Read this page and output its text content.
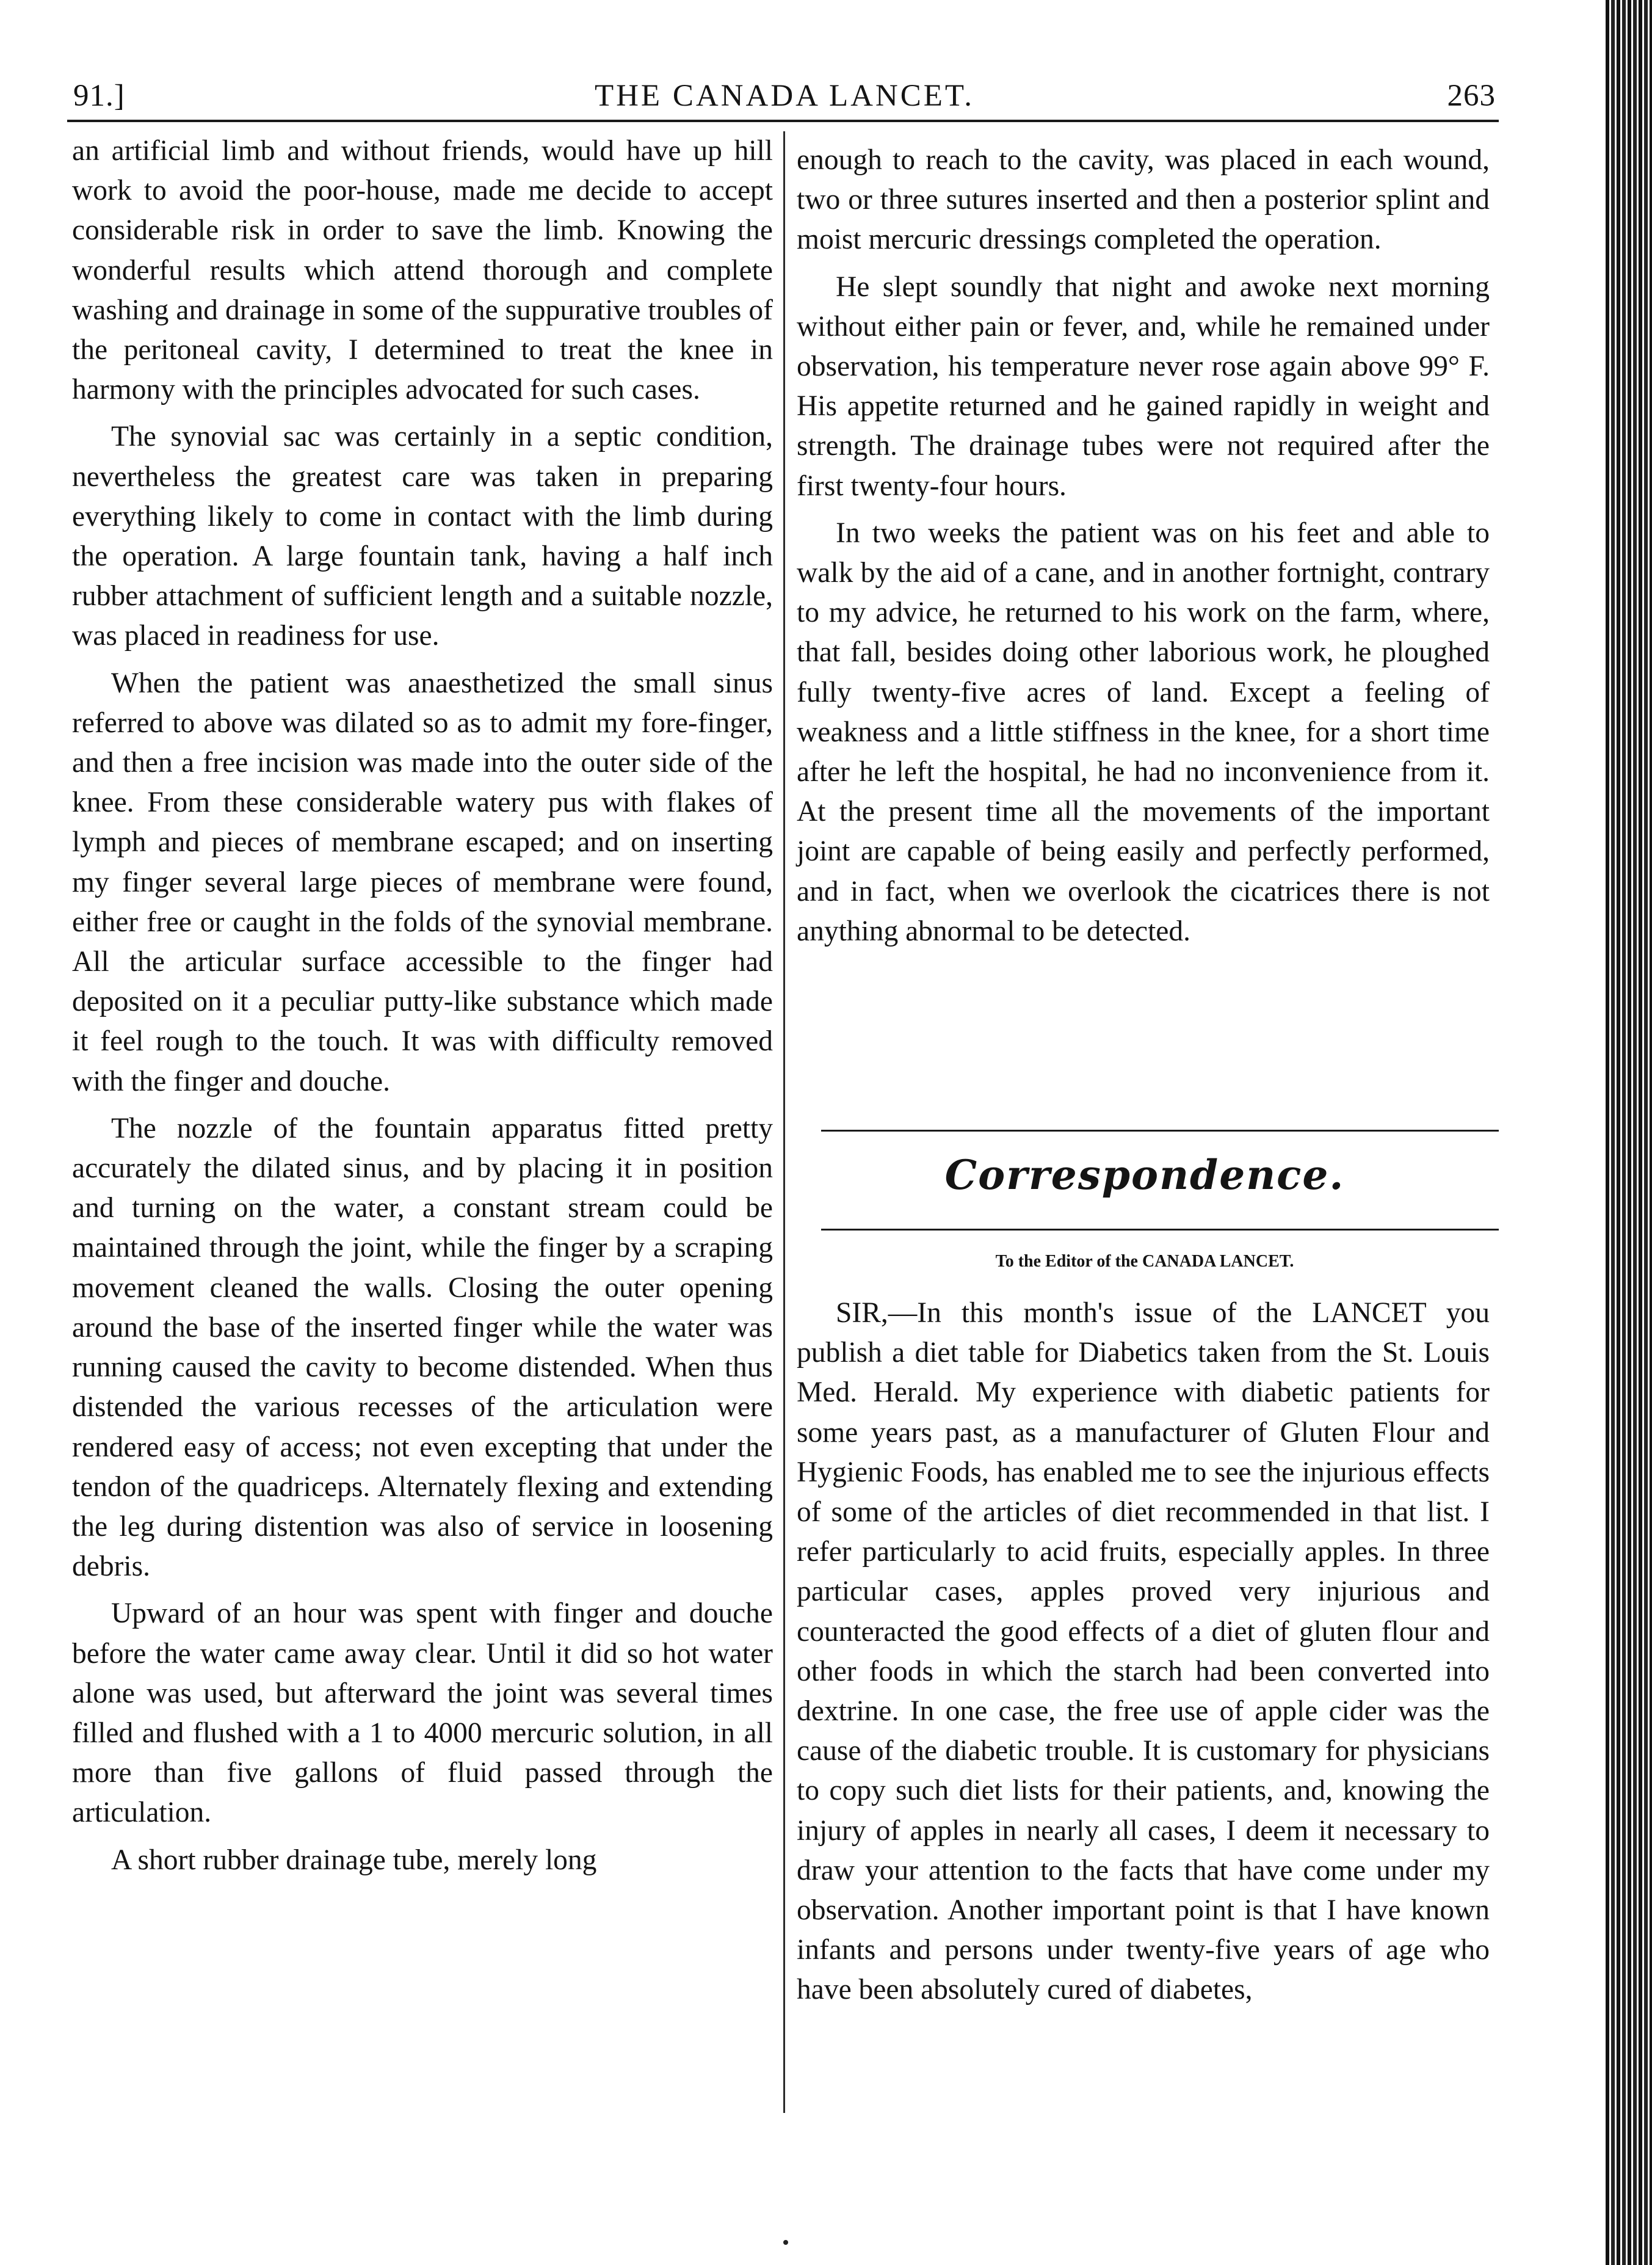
91.]	THE CANADA LANCET.	263

an artificial limb and without friends, would have up hill work to avoid the poor-house, made me decide to accept considerable risk in order to save the limb. Knowing the wonderful results which attend thorough and complete washing and drainage in some of the suppurative troubles of the peritoneal cavity, I determined to treat the knee in harmony with the principles advocated for such cases.

The synovial sac was certainly in a septic condition, nevertheless the greatest care was taken in preparing everything likely to come in contact with the limb during the operation. A large fountain tank, having a half inch rubber attachment of sufficient length and a suitable nozzle, was placed in readiness for use.

When the patient was anaesthetized the small sinus referred to above was dilated so as to admit my fore-finger, and then a free incision was made into the outer side of the knee. From these considerable watery pus with flakes of lymph and pieces of membrane escaped; and on inserting my finger several large pieces of membrane were found, either free or caught in the folds of the synovial membrane. All the articular surface accessible to the finger had deposited on it a peculiar putty-like substance which made it feel rough to the touch. It was with difficulty removed with the finger and douche.

The nozzle of the fountain apparatus fitted pretty accurately the dilated sinus, and by placing it in position and turning on the water, a constant stream could be maintained through the joint, while the finger by a scraping movement cleaned the walls. Closing the outer opening around the base of the inserted finger while the water was running caused the cavity to become distended. When thus distended the various recesses of the articulation were rendered easy of access; not even excepting that under the tendon of the quadriceps. Alternately flexing and extending the leg during distention was also of service in loosening debris.

Upward of an hour was spent with finger and douche before the water came away clear. Until it did so hot water alone was used, but afterward the joint was several times filled and flushed with a 1 to 4000 mercuric solution, in all more than five gallons of fluid passed through the articulation.

A short rubber drainage tube, merely long

enough to reach to the cavity, was placed in each wound, two or three sutures inserted and then a posterior splint and moist mercuric dressings completed the operation.

He slept soundly that night and awoke next morning without either pain or fever, and, while he remained under observation, his temperature never rose again above 99° F. His appetite returned and he gained rapidly in weight and strength. The drainage tubes were not required after the first twenty-four hours.

In two weeks the patient was on his feet and able to walk by the aid of a cane, and in another fortnight, contrary to my advice, he returned to his work on the farm, where, that fall, besides doing other laborious work, he ploughed fully twenty-five acres of land. Except a feeling of weakness and a little stiffness in the knee, for a short time after he left the hospital, he had no inconvenience from it. At the present time all the movements of the important joint are capable of being easily and perfectly performed, and in fact, when we overlook the cicatrices there is not anything abnormal to be detected.

Correspondence.
To the Editor of the CANADA LANCET.

SIR,—In this month's issue of the LANCET you publish a diet table for Diabetics taken from the St. Louis Med. Herald. My experience with diabetic patients for some years past, as a manufacturer of Gluten Flour and Hygienic Foods, has enabled me to see the injurious effects of some of the articles of diet recommended in that list. I refer particularly to acid fruits, especially apples. In three particular cases, apples proved very injurious and counteracted the good effects of a diet of gluten flour and other foods in which the starch had been converted into dextrine. In one case, the free use of apple cider was the cause of the diabetic trouble. It is customary for physicians to copy such diet lists for their patients, and, knowing the injury of apples in nearly all cases, I deem it necessary to draw your attention to the facts that have come under my observation. Another important point is that I have known infants and persons under twenty-five years of age who have been absolutely cured of diabetes,
